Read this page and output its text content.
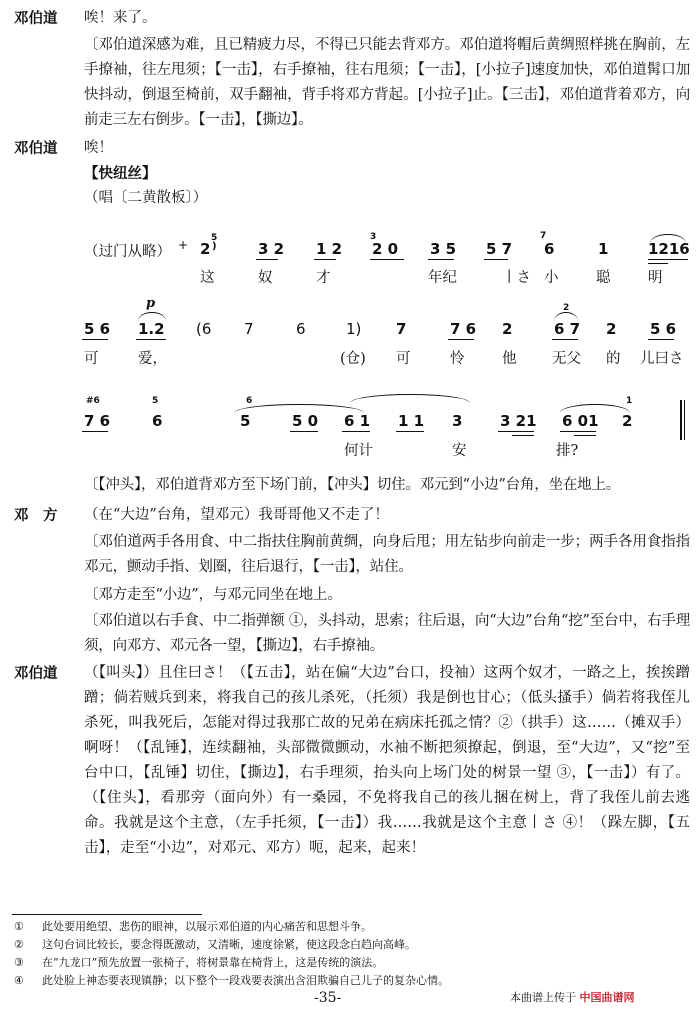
邓伯道 唉！来了。
〔邓伯道深感为难，且已精疲力尽，不得已只能去背邓方。邓伯道将帽后黄绸照样挑在胸前，左手撩袖，往左甩须；【一击】，右手撩袖，往右甩须；【一击】，[小拉子]速度加快，邓伯道髯口加快抖动，倒退至椅前，双手翻袖，背手将邓方背起。[小拉子]止。【三击】，邓伯道背着邓方，向前走三左右倒步。【一击】，【撕边】。
邓伯道 唉！
【快纽丝】
（唱〔二黄散板〕）
（过门从略） + 2
5
)	3 2 1 2
3
2 0 3 5 5 7
7
6	1	1216
这	奴	才	年纪	丨さ 小	聪	明
5 6
p
1.2 (6 7	6	1) 7	7 6 2
2
6 7 2 5 6
可	爱，	(仓) 可	怜	他 无父 的 儿曰さ
#6	5	6	1
7 6	6	5	5 0 6 1 1 1 3	3 21 6 01 2
何计	安	排?
〔【冲头】，邓伯道背邓方至下场门前，【冲头】切住。邓元到“小边”台角，坐在地上。
邓　方 （在“大边”台角，望邓元）我哥哥他又不走了！
〔邓伯道两手各用食、中二指扶住胸前黄绸，向身后甩；用左钻步向前走一步；两手各用食指指邓元，颤动手指、划圈，往后退行，【一击】，站住。
〔邓方走至“小边”，与邓元同坐在地上。
〔邓伯道以右手食、中二指弹额 ①，头抖动，思索；往后退，向“大边”台角“挖”至台中，右手理须，向邓方、邓元各一望，【撕边】，右手撩袖。
邓伯道 （【叫头】）且住曰さ！（【五击】，站在偏“大边”台口，投袖）这两个奴才，一路之上，挨挨蹭蹭；倘若贼兵到来，将我自己的孩儿杀死，（托须）我是倒也甘心；（低头搔手）倘若将我侄儿杀死，叫我死后，怎能对得过我那亡故的兄弟在病床托孤之情？②（拱手）这……（摊双手）啊呀！（【乱锤】，连续翻袖，头部微微颤动，水袖不断把须撩起，倒退，至“大边”，又“挖”至台中口，【乱锤】切住，【撕边】，右手理须，抬头向上场门处的树景一望 ③，【一击】）有了。（【住头】，看那旁（面向外）有一桑园，不免将我自己的孩儿捆在树上，背了我侄儿前去逃命。我就是这个主意，（左手托须，【一击】）我……我就是这个主意丨さ ④！（跺左脚，【五击】，走至“小边”，对邓元、邓方）呃，起来，起来！
① 此处要用绝望、悲伤的眼神，以展示邓伯道的内心痛苦和思想斗争。
② 这句台词比较长，要念得既激动，又清晰，速度徐紧，使这段念白趋向高峰。
③ 在“九龙口”预先放置一张椅子，将树景靠在椅背上，这是传统的演法。
④ 此处脸上神态要表现镇静；以下整个一段戏要表演出含泪欺骗自己儿子的复杂心情。
-35-	本曲谱上传于 中国曲谱网
